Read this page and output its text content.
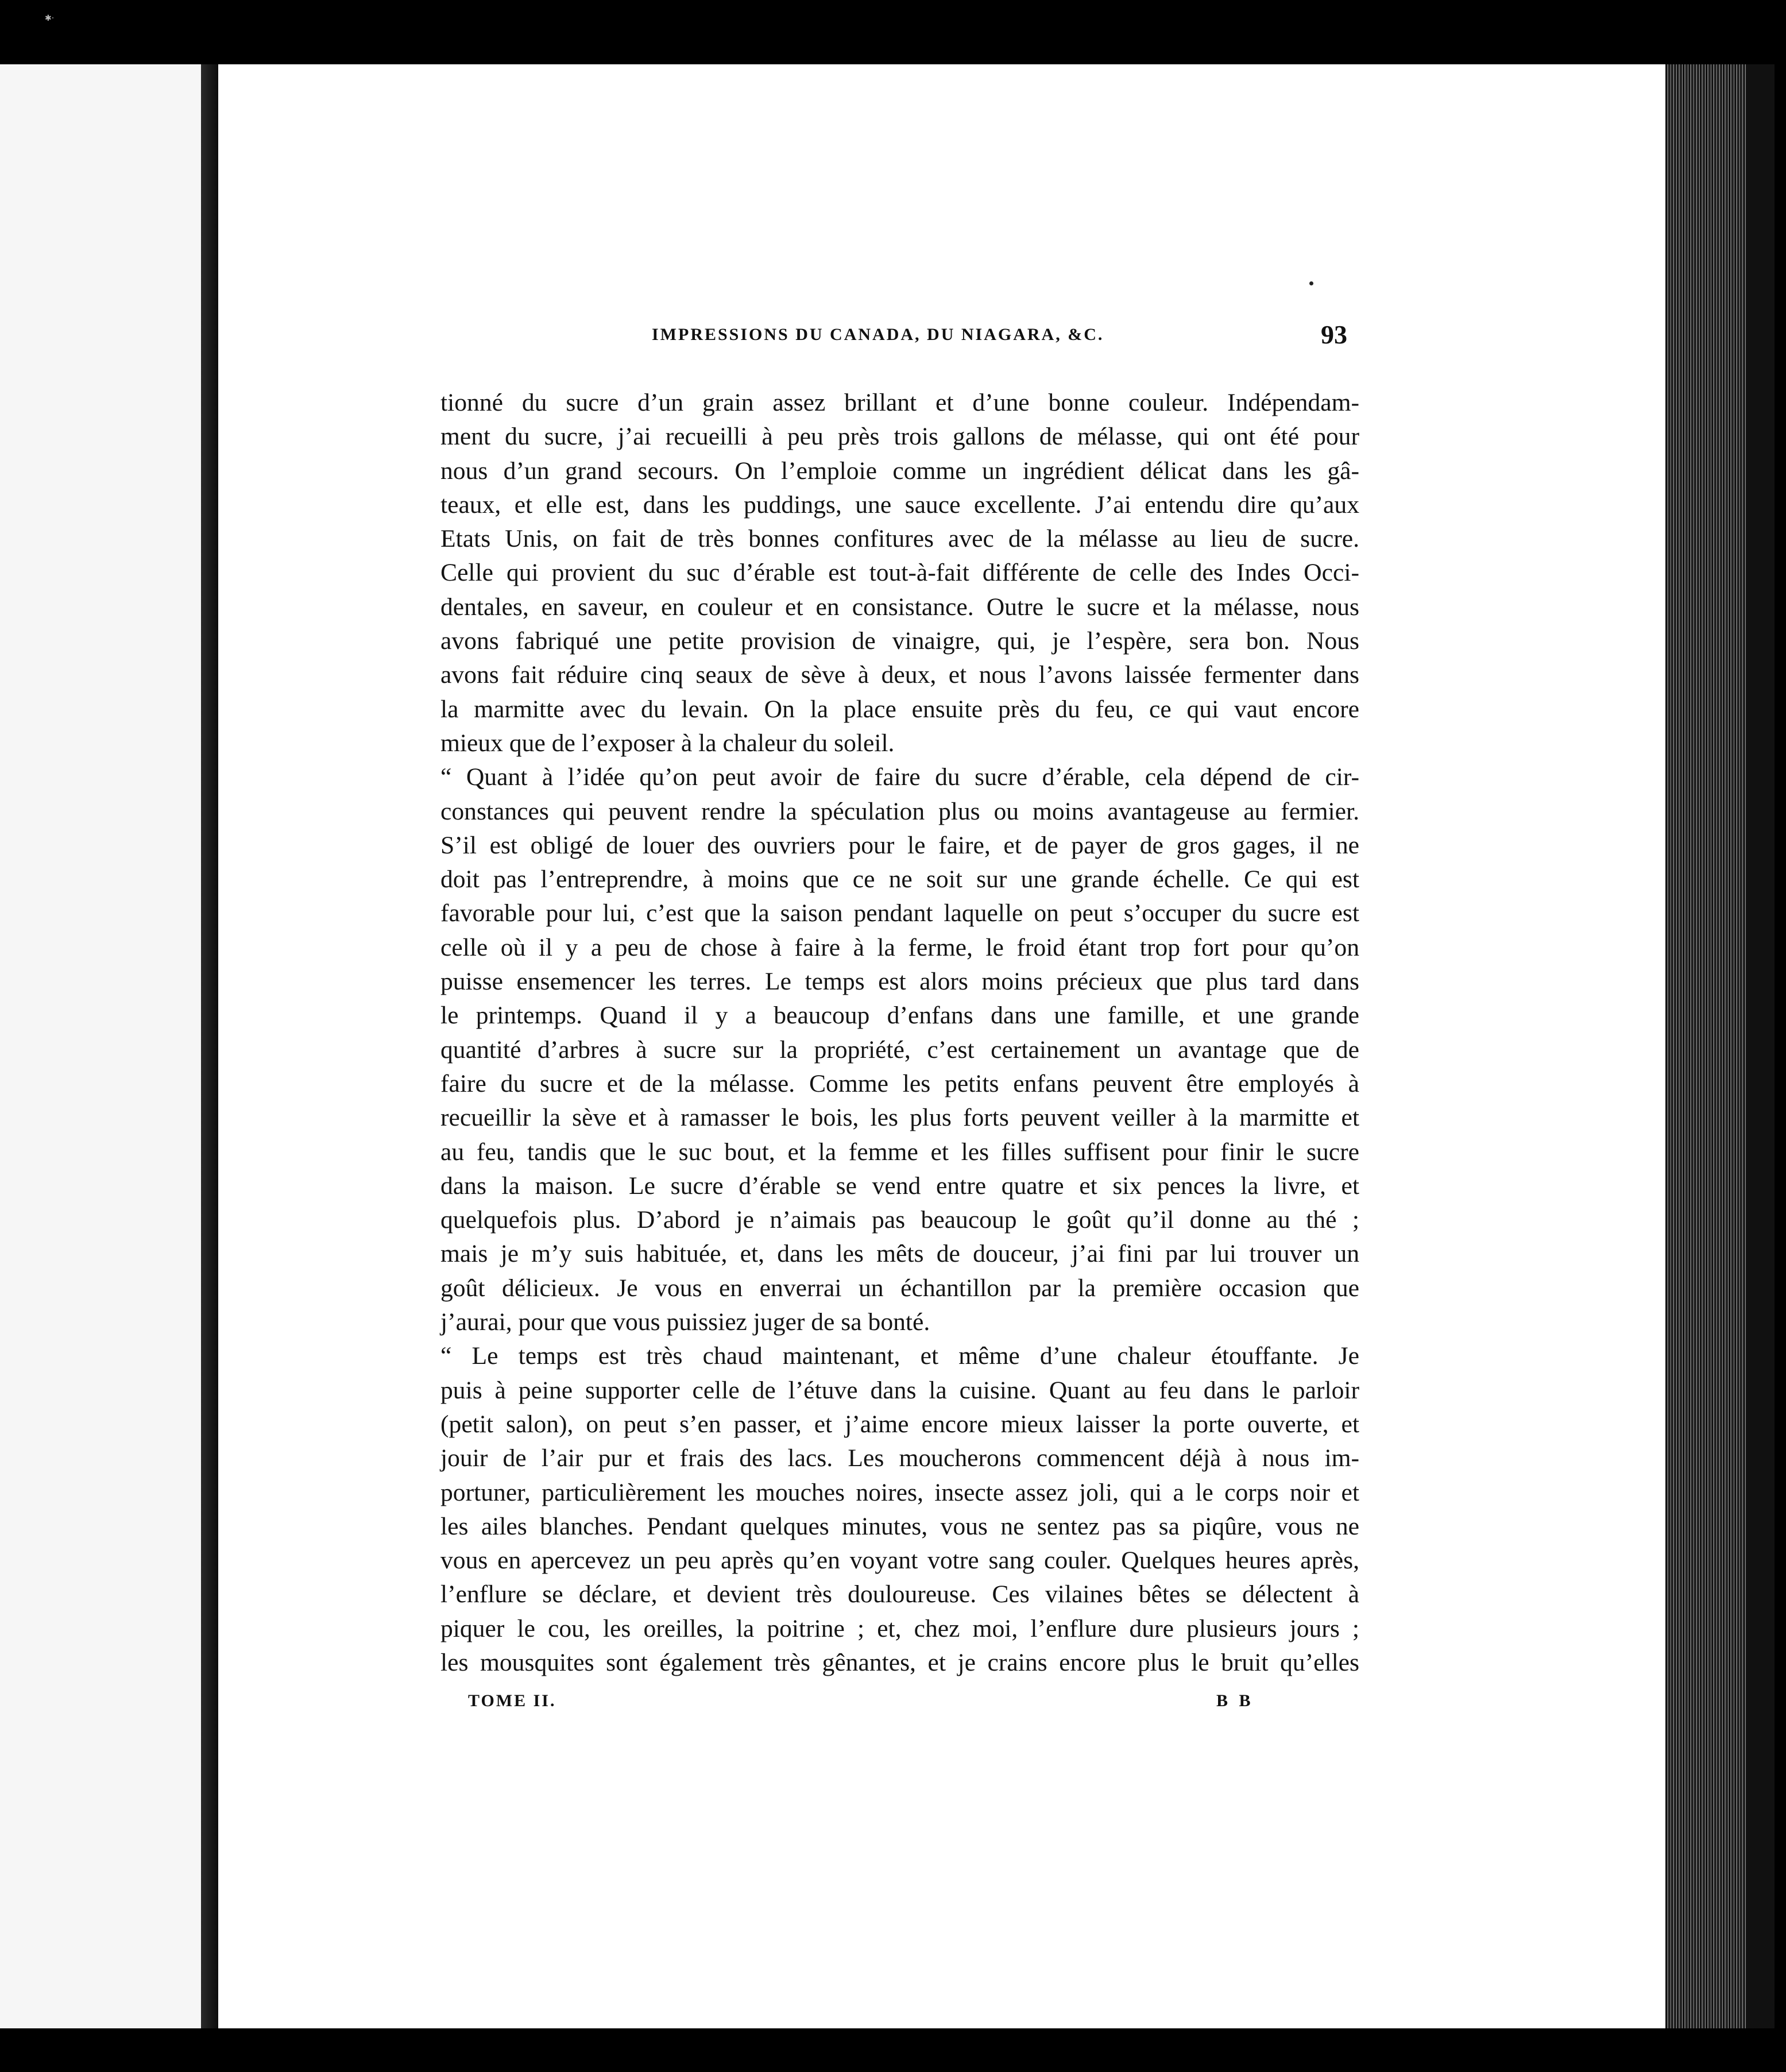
✱·
IMPRESSIONS DU CANADA, DU NIAGARA, &C.	93
tionné du sucre d’un grain assez brillant et d’une bonne couleur. Indépendam-
ment du sucre, j’ai recueilli à peu près trois gallons de mélasse, qui ont été pour
nous d’un grand secours. On l’emploie comme un ingrédient délicat dans les gâ-
teaux, et elle est, dans les puddings, une sauce excellente. J’ai entendu dire qu’aux
Etats Unis, on fait de très bonnes confitures avec de la mélasse au lieu de sucre.
Celle qui provient du suc d’érable est tout-à-fait différente de celle des Indes Occi-
dentales, en saveur, en couleur et en consistance. Outre le sucre et la mélasse, nous
avons fabriqué une petite provision de vinaigre, qui, je l’espère, sera bon. Nous
avons fait réduire cinq seaux de sève à deux, et nous l’avons laissée fermenter dans
la marmitte avec du levain. On la place ensuite près du feu, ce qui vaut encore
mieux que de l’exposer à la chaleur du soleil.
“ Quant à l’idée qu’on peut avoir de faire du sucre d’érable, cela dépend de cir-
constances qui peuvent rendre la spéculation plus ou moins avantageuse au fermier.
S’il est obligé de louer des ouvriers pour le faire, et de payer de gros gages, il ne
doit pas l’entreprendre, à moins que ce ne soit sur une grande échelle. Ce qui est
favorable pour lui, c’est que la saison pendant laquelle on peut s’occuper du sucre est
celle où il y a peu de chose à faire à la ferme, le froid étant trop fort pour qu’on
puisse ensemencer les terres. Le temps est alors moins précieux que plus tard dans
le printemps. Quand il y a beaucoup d’enfans dans une famille, et une grande
quantité d’arbres à sucre sur la propriété, c’est certainement un avantage que de
faire du sucre et de la mélasse. Comme les petits enfans peuvent être employés à
recueillir la sève et à ramasser le bois, les plus forts peuvent veiller à la marmitte et
au feu, tandis que le suc bout, et la femme et les filles suffisent pour finir le sucre
dans la maison. Le sucre d’érable se vend entre quatre et six pences la livre, et
quelquefois plus. D’abord je n’aimais pas beaucoup le goût qu’il donne au thé ;
mais je m’y suis habituée, et, dans les mêts de douceur, j’ai fini par lui trouver un
goût délicieux. Je vous en enverrai un échantillon par la première occasion que
j’aurai, pour que vous puissiez juger de sa bonté.
“ Le temps est très chaud maintenant, et même d’une chaleur étouffante. Je
puis à peine supporter celle de l’étuve dans la cuisine. Quant au feu dans le parloir
(petit salon), on peut s’en passer, et j’aime encore mieux laisser la porte ouverte, et
jouir de l’air pur et frais des lacs. Les moucherons commencent déjà à nous im-
portuner, particulièrement les mouches noires, insecte assez joli, qui a le corps noir et
les ailes blanches. Pendant quelques minutes, vous ne sentez pas sa piqûre, vous ne
vous en apercevez un peu après qu’en voyant votre sang couler. Quelques heures après,
l’enflure se déclare, et devient très douloureuse. Ces vilaines bêtes se délectent à
piquer le cou, les oreilles, la poitrine ; et, chez moi, l’enflure dure plusieurs jours ;
les mousquites sont également très gênantes, et je crains encore plus le bruit qu’elles
TOME II.	B B
